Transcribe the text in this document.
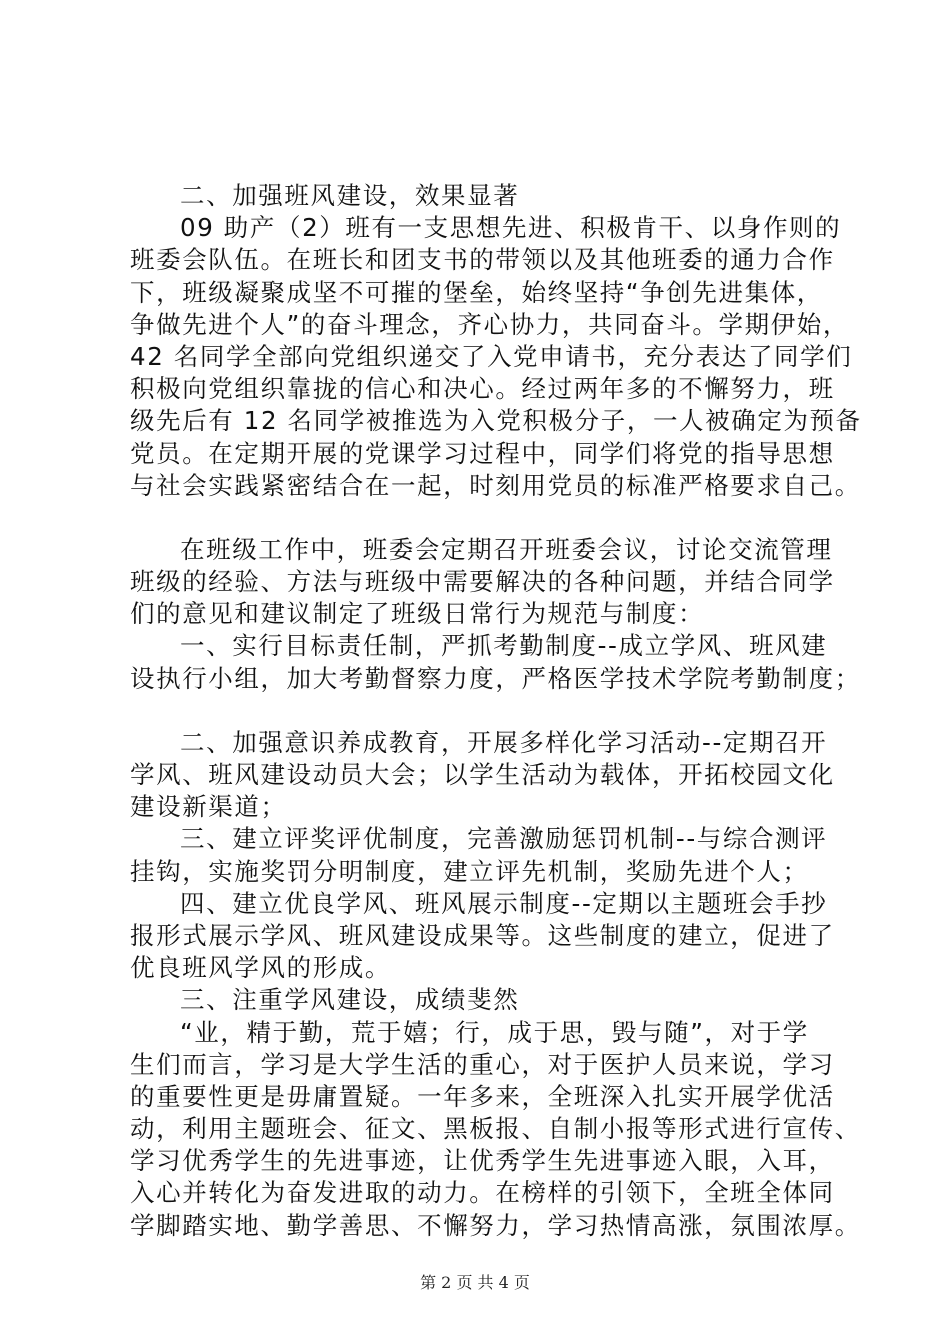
二、加强班风建设，效果显著
09 助产（2）班有一支思想先进、积极肯干、以身作则的
班委会队伍。在班长和团支书的带领以及其他班委的通力合作
下，班级凝聚成坚不可摧的堡垒，始终坚持“争创先进集体，
争做先进个人”的奋斗理念，齐心协力，共同奋斗。学期伊始，
42 名同学全部向党组织递交了入党申请书，充分表达了同学们
积极向党组织靠拢的信心和决心。经过两年多的不懈努力，班
级先后有 12 名同学被推选为入党积极分子，一人被确定为预备
党员。在定期开展的党课学习过程中，同学们将党的指导思想
与社会实践紧密结合在一起，时刻用党员的标准严格要求自己。
在班级工作中，班委会定期召开班委会议，讨论交流管理
班级的经验、方法与班级中需要解决的各种问题，并结合同学
们的意见和建议制定了班级日常行为规范与制度：
一、实行目标责任制，严抓考勤制度--成立学风、班风建
设执行小组，加大考勤督察力度，严格医学技术学院考勤制度；
二、加强意识养成教育，开展多样化学习活动--定期召开
学风、班风建设动员大会；以学生活动为载体，开拓校园文化
建设新渠道；
三、建立评奖评优制度，完善激励惩罚机制--与综合测评
挂钩，实施奖罚分明制度，建立评先机制，奖励先进个人；
四、建立优良学风、班风展示制度--定期以主题班会手抄
报形式展示学风、班风建设成果等。这些制度的建立，促进了
优良班风学风的形成。
三、注重学风建设，成绩斐然
“业，精于勤，荒于嬉；行，成于思，毁与随”，对于学
生们而言，学习是大学生活的重心，对于医护人员来说，学习
的重要性更是毋庸置疑。一年多来，全班深入扎实开展学优活
动，利用主题班会、征文、黑板报、自制小报等形式进行宣传、
学习优秀学生的先进事迹，让优秀学生先进事迹入眼，入耳，
入心并转化为奋发进取的动力。在榜样的引领下，全班全体同
学脚踏实地、勤学善思、不懈努力，学习热情高涨，氛围浓厚。
第 2 页 共 4 页
